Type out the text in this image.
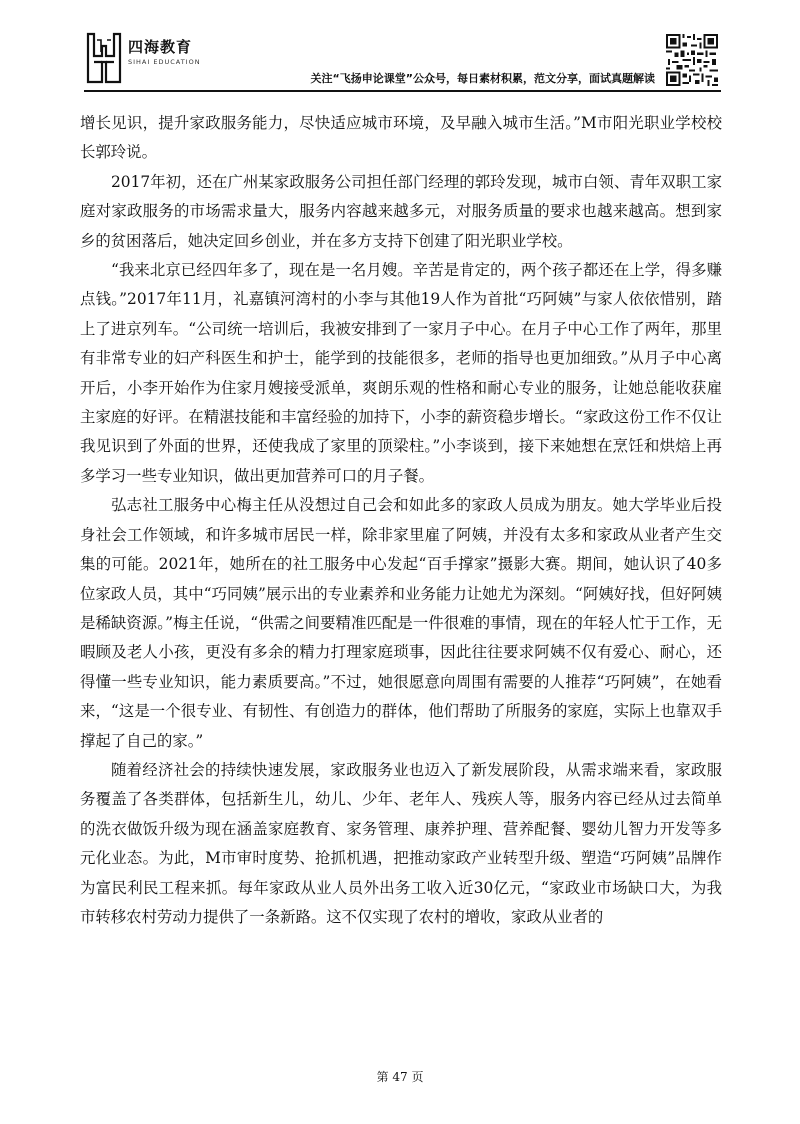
四海教育
SIHAI EDUCATION
关注“飞扬申论课堂”公众号，每日素材积累，范文分享，面试真题解读

增长见识，提升家政服务能力，尽快适应城市环境，及早融入城市生活。”M市阳光职业学校校长郭玲说。

2017年初，还在广州某家政服务公司担任部门经理的郭玲发现，城市白领、青年双职工家庭对家政服务的市场需求量大，服务内容越来越多元，对服务质量的要求也越来越高。想到家乡的贫困落后，她决定回乡创业，并在多方支持下创建了阳光职业学校。

“我来北京已经四年多了，现在是一名月嫂。辛苦是肯定的，两个孩子都还在上学，得多赚点钱。”2017年11月，礼嘉镇河湾村的小李与其他19人作为首批“巧阿姨”与家人依依惜别，踏上了进京列车。“公司统一培训后，我被安排到了一家月子中心。在月子中心工作了两年，那里有非常专业的妇产科医生和护士，能学到的技能很多，老师的指导也更加细致。”从月子中心离开后，小李开始作为住家月嫂接受派单，爽朗乐观的性格和耐心专业的服务，让她总能收获雇主家庭的好评。在精湛技能和丰富经验的加持下，小李的薪资稳步增长。“家政这份工作不仅让我见识到了外面的世界，还使我成了家里的顶梁柱。”小李谈到，接下来她想在烹饪和烘焙上再多学习一些专业知识，做出更加营养可口的月子餐。

弘志社工服务中心梅主任从没想过自己会和如此多的家政人员成为朋友。她大学毕业后投身社会工作领域，和许多城市居民一样，除非家里雇了阿姨，并没有太多和家政从业者产生交集的可能。2021年，她所在的社工服务中心发起“百手撑家”摄影大赛。期间，她认识了40多位家政人员，其中“巧同姨”展示出的专业素养和业务能力让她尤为深刻。“阿姨好找，但好阿姨是稀缺资源。”梅主任说，“供需之间要精准匹配是一件很难的事情，现在的年轻人忙于工作，无暇顾及老人小孩，更没有多余的精力打理家庭琐事，因此往往要求阿姨不仅有爱心、耐心，还得懂一些专业知识，能力素质要高。”不过，她很愿意向周围有需要的人推荐“巧阿姨”，在她看来，“这是一个很专业、有韧性、有创造力的群体，他们帮助了所服务的家庭，实际上也靠双手撑起了自己的家。”

随着经济社会的持续快速发展，家政服务业也迈入了新发展阶段，从需求端来看，家政服务覆盖了各类群体，包括新生儿，幼儿、少年、老年人、残疾人等，服务内容已经从过去简单的洗衣做饭升级为现在涵盖家庭教育、家务管理、康养护理、营养配餐、婴幼儿智力开发等多元化业态。为此，M市审时度势、抢抓机遇，把推动家政产业转型升级、塑造“巧阿姨”品牌作为富民利民工程来抓。每年家政从业人员外出务工收入近30亿元，“家政业市场缺口大，为我市转移农村劳动力提供了一条新路。这不仅实现了农村的增收，家政从业者的

第 47 页
